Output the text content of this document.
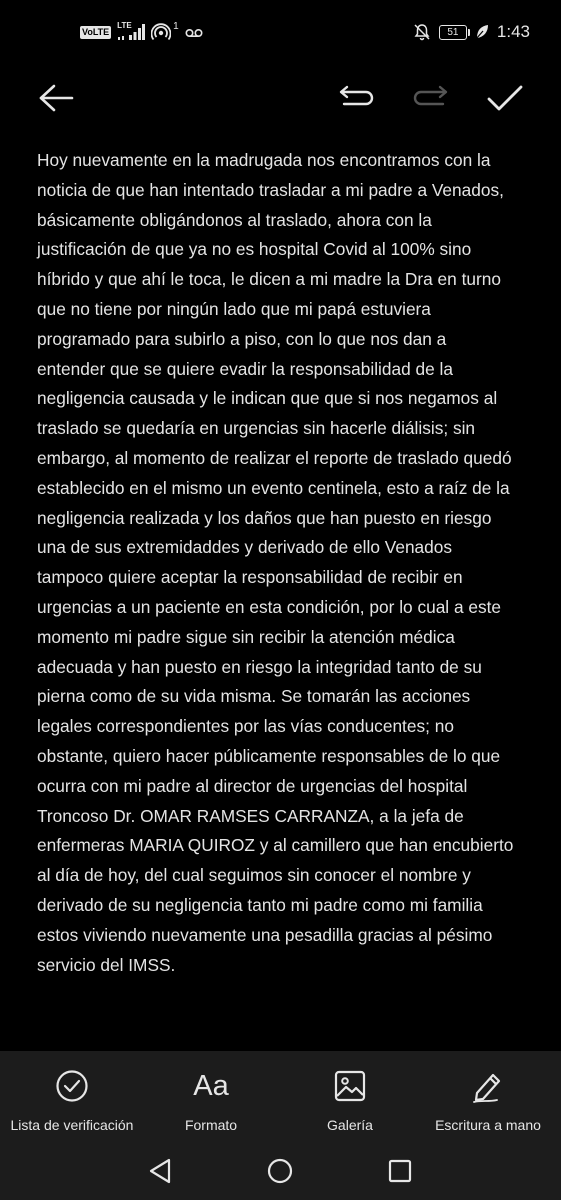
VoLTE
LTE	1
51	1:43
Hoy nuevamente en la madrugada nos encontramos con la
noticia de que han intentado trasladar a mi padre a Venados,
básicamente obligándonos al traslado, ahora con la
justificación de que ya no es hospital Covid al 100% sino
híbrido y que ahí le toca, le dicen a mi madre la Dra en turno
que no tiene por ningún lado que mi papá estuviera
programado para subirlo a piso, con lo que nos dan a
entender que se quiere evadir la responsabilidad de la
negligencia causada y le indican que que si nos negamos al
traslado se quedaría en urgencias sin hacerle diálisis; sin
embargo, al momento de realizar el reporte de traslado quedó
establecido en el mismo un evento centinela, esto a raíz de la
negligencia realizada y los daños que han puesto en riesgo
una de sus extremidaddes y derivado de ello Venados
tampoco quiere aceptar la responsabilidad de recibir en
urgencias a un paciente en esta condición, por lo cual a este
momento mi padre sigue sin recibir la atención médica
adecuada y han puesto en riesgo la integridad tanto de su
pierna como de su vida misma. Se tomarán las acciones
legales correspondientes por las vías conducentes; no
obstante, quiero hacer públicamente responsables de lo que
ocurra con mi padre al director de urgencias del hospital
Troncoso Dr. OMAR RAMSES CARRANZA, a la jefa de
enfermeras MARIA QUIROZ y al camillero que han encubierto
al día de hoy, del cual seguimos sin conocer el nombre y
derivado de su negligencia tanto mi padre como mi familia
estos viviendo nuevamente una pesadilla gracias al pésimo
servicio del IMSS.
Lista de verificación
Aa
Formato	Galería	Escritura a mano
